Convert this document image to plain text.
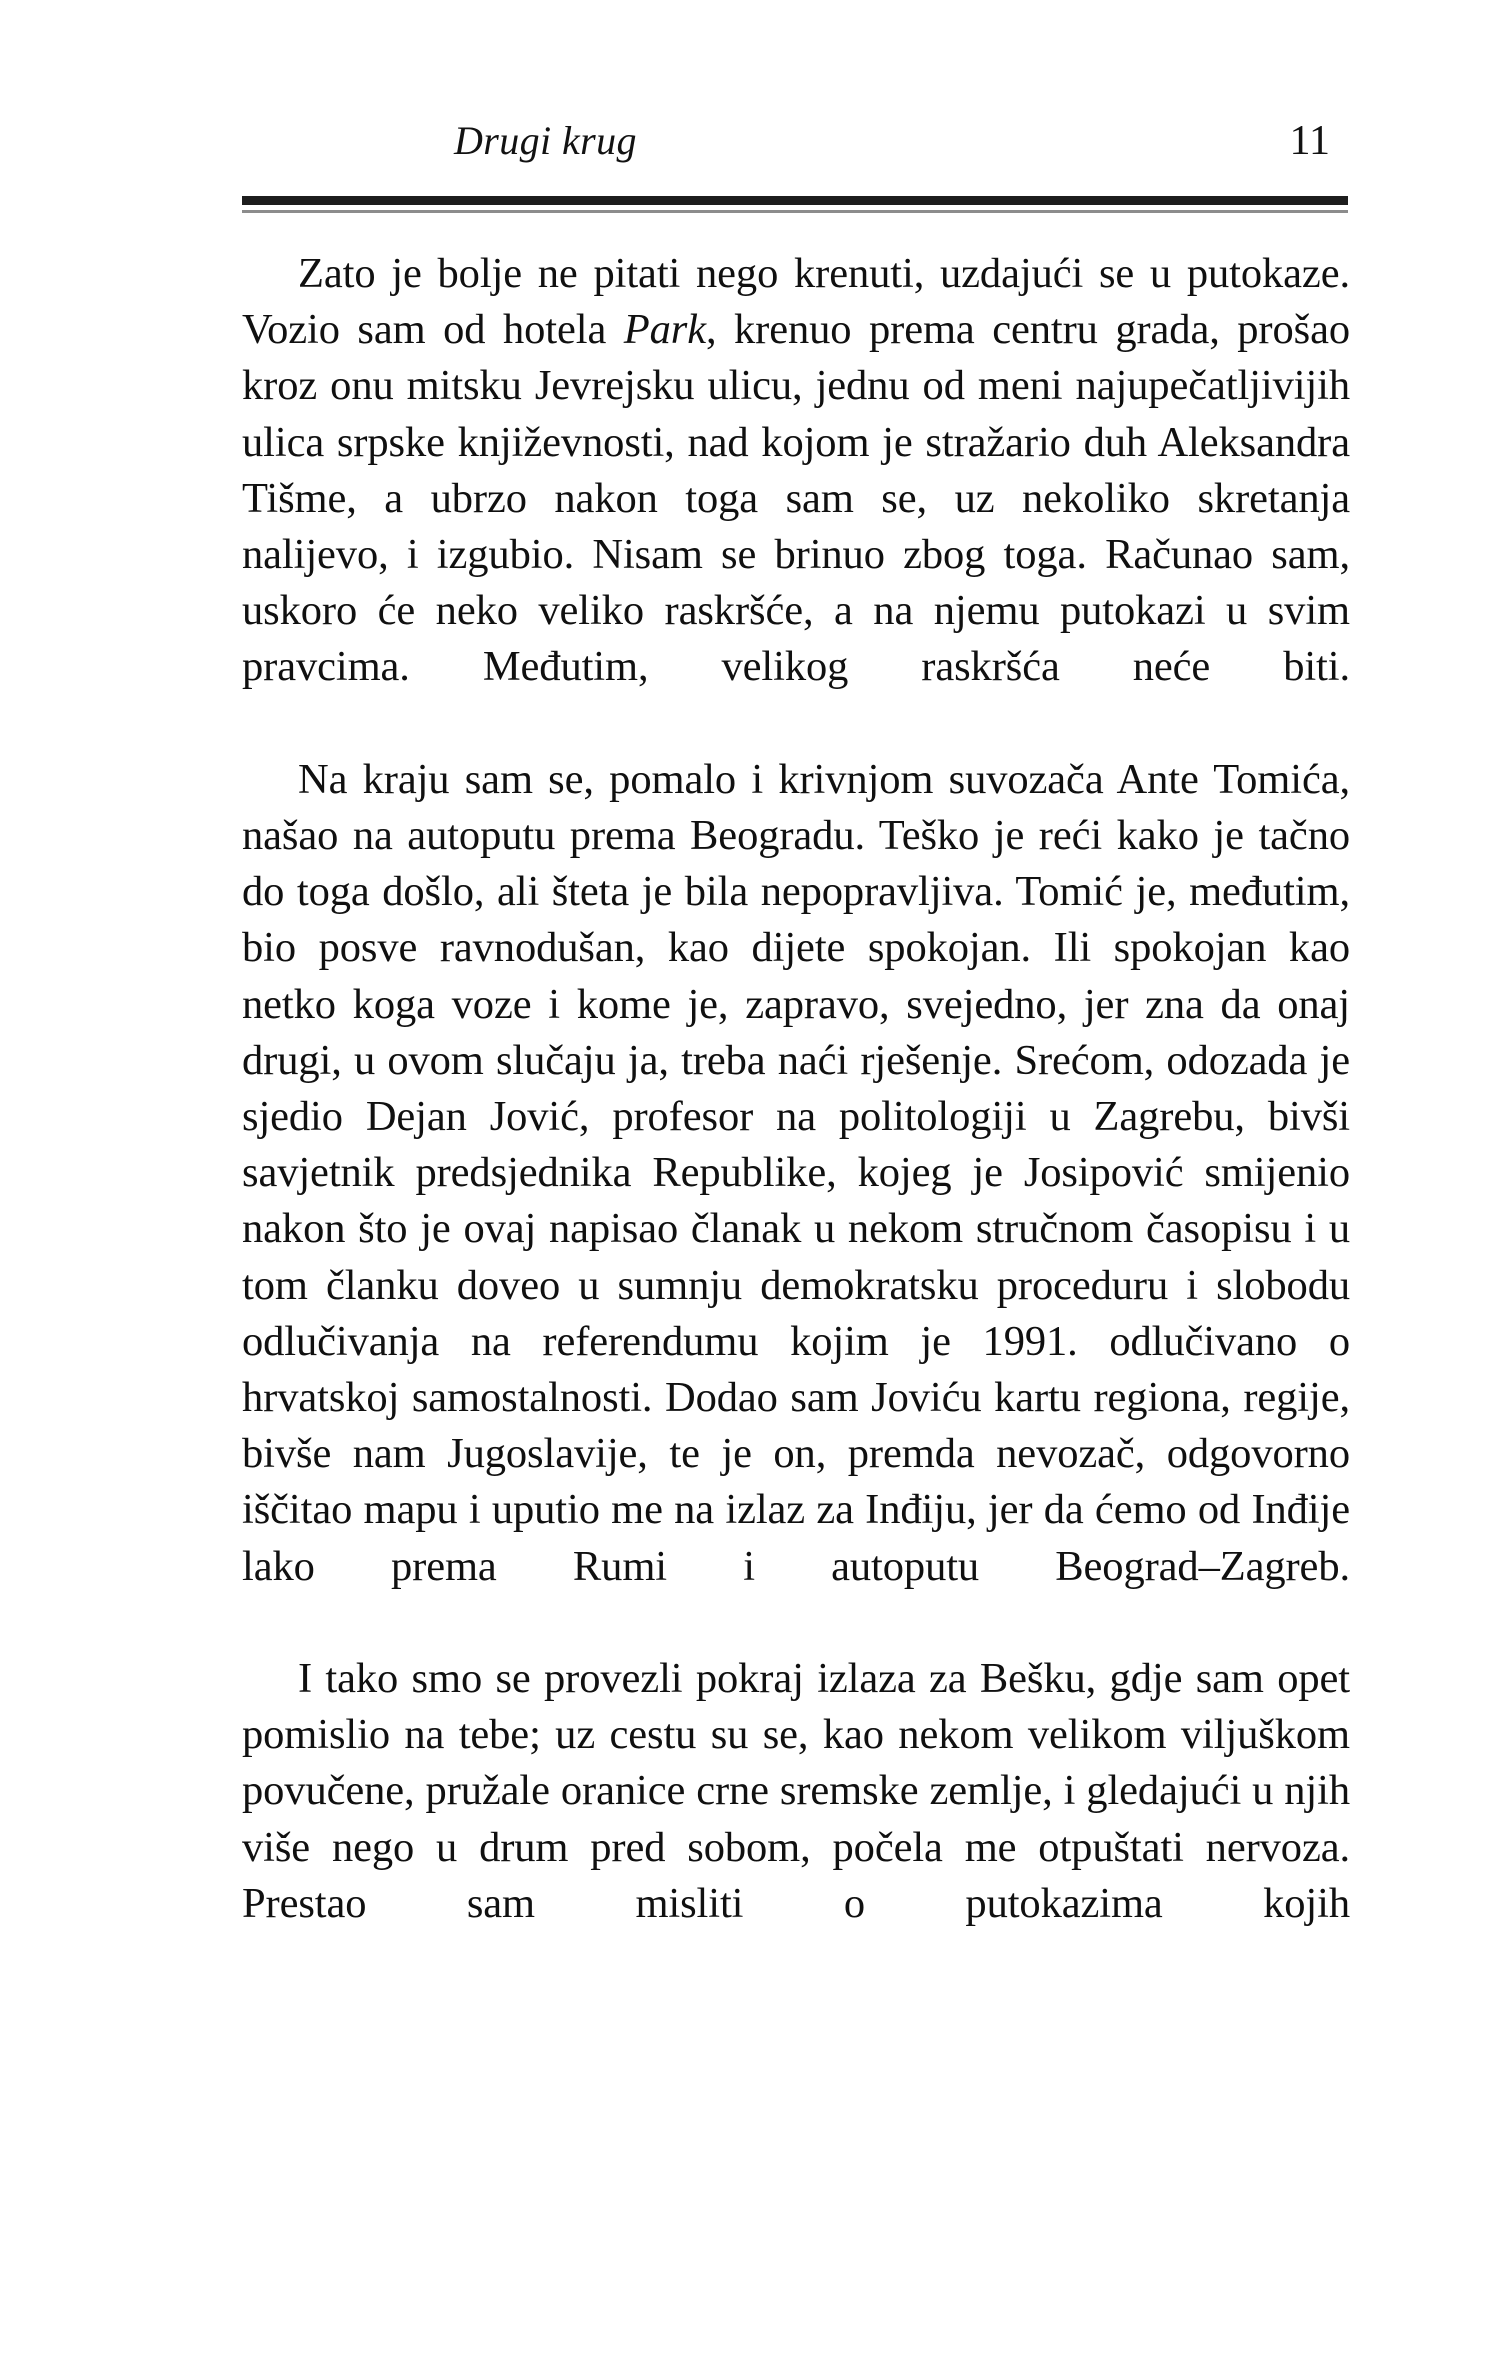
Drugi krug	11

Zato je bolje ne pitati nego krenuti, uzdajući se u putokaze. Vozio sam od hotela Park, krenuo prema centru grada, prošao kroz onu mitsku Jevrejsku ulicu, jednu od meni najupečatljivijih ulica srpske književnosti, nad kojom je stražario duh Aleksandra Tišme, a ubrzo nakon toga sam se, uz nekoliko skretanja nalijevo, i izgubio. Nisam se brinuo zbog toga. Računao sam, uskoro će neko veliko raskršće, a na njemu putokazi u svim pravcima. Međutim, velikog raskršća neće biti.

Na kraju sam se, pomalo i krivnjom suvozača Ante Tomića, našao na autoputu prema Beogradu. Teško je reći kako je tačno do toga došlo, ali šteta je bila nepopravljiva. Tomić je, međutim, bio posve ravnodušan, kao dijete spokojan. Ili spokojan kao netko koga voze i kome je, zapravo, svejedno, jer zna da onaj drugi, u ovom slučaju ja, treba naći rješenje. Srećom, odozada je sjedio Dejan Jović, profesor na politologiji u Zagrebu, bivši savjetnik predsjednika Republike, kojeg je Josipović smijenio nakon što je ovaj napisao članak u nekom stručnom časopisu i u tom članku doveo u sumnju demokratsku proceduru i slobodu odlučivanja na referendumu kojim je 1991. odlučivano o hrvatskoj samostalnosti. Dodao sam Joviću kartu regiona, regije, bivše nam Jugoslavije, te je on, premda nevozač, odgovorno iščitao mapu i uputio me na izlaz za Inđiju, jer da ćemo od Inđije lako prema Rumi i autoputu Beograd–Zagreb.

I tako smo se provezli pokraj izlaza za Bešku, gdje sam opet pomislio na tebe; uz cestu su se, kao nekom velikom viljuškom povučene, pružale oranice crne sremske zemlje, i gledajući u njih više nego u drum pred sobom, počela me otpuštati nervoza. Prestao sam misliti o putokazima kojih
